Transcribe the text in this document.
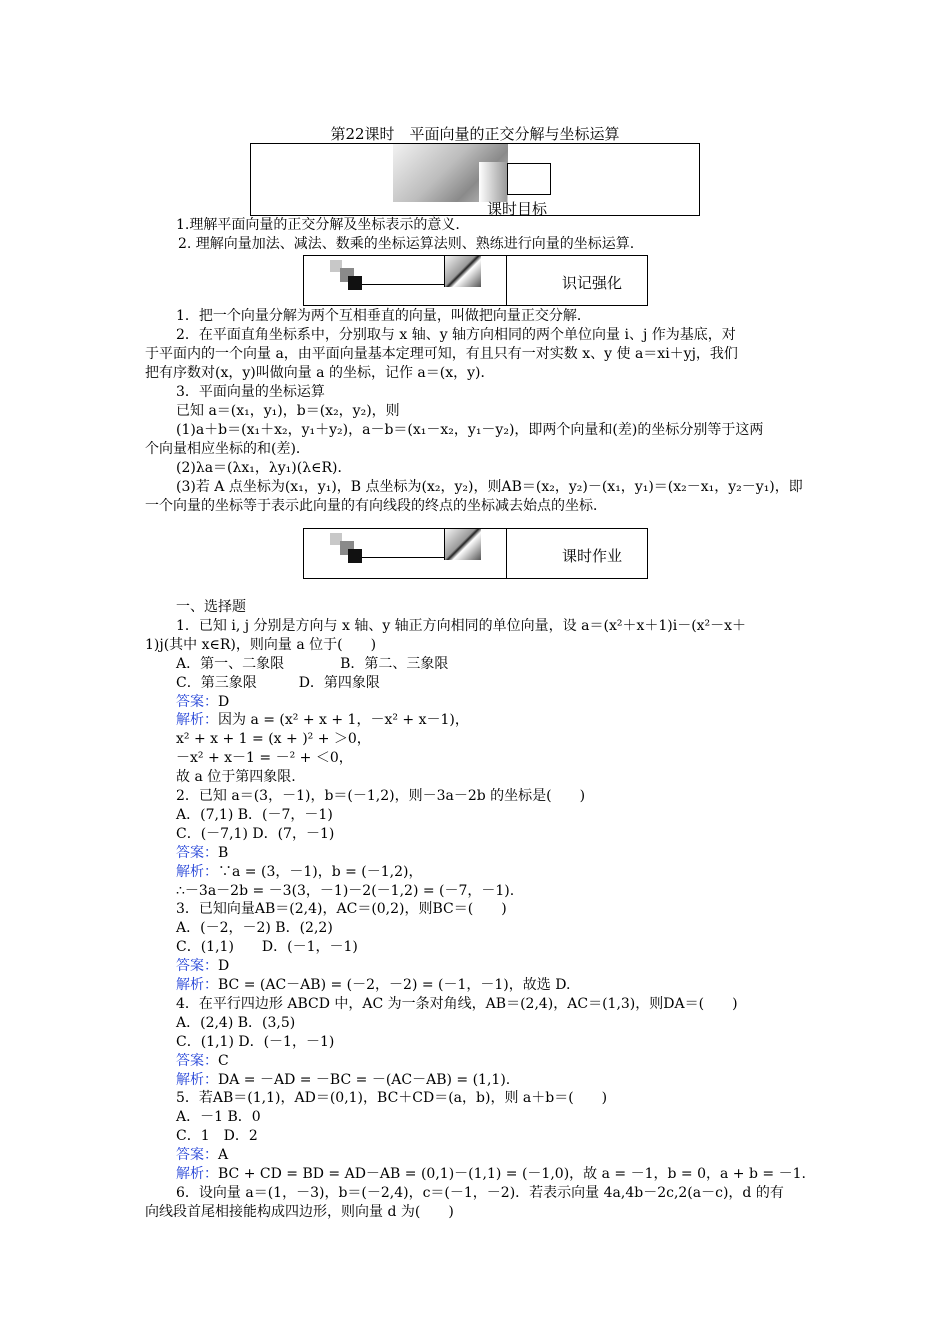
第22课时　平面向量的正交分解与坐标运算
课时目标
1.理解平面向量的正交分解及坐标表示的意义.
2. 理解向量加法、减法、数乘的坐标运算法则、熟练进行向量的坐标运算.
识记强化
1．把一个向量分解为两个互相垂直的向量，叫做把向量正交分解．
2．在平面直角坐标系中，分别取与 x 轴、y 轴方向相同的两个单位向量 i、j 作为基底，对
于平面内的一个向量 a，由平面向量基本定理可知，有且只有一对实数 x、y 使 a＝xi＋yj，我们
把有序数对(x，y)叫做向量 a 的坐标，记作 a＝(x，y)．
3．平面向量的坐标运算
已知 a＝(x₁，y₁)，b＝(x₂，y₂)，则
(1)a＋b＝(x₁＋x₂，y₁＋y₂)，a－b＝(x₁－x₂，y₁－y₂)，即两个向量和(差)的坐标分别等于这两
个向量相应坐标的和(差)．
(2)λa＝(λx₁，λy₁)(λ∈R)．
(3)若 A 点坐标为(x₁，y₁)，B 点坐标为(x₂，y₂)，则AB＝(x₂，y₂)－(x₁，y₁)＝(x₂－x₁，y₂－y₁)，即
一个向量的坐标等于表示此向量的有向线段的终点的坐标减去始点的坐标．
课时作业
一、选择题
1．已知 i, j 分别是方向与 x 轴、y 轴正方向相同的单位向量，设 a＝(x²＋x＋1)i－(x²－x＋
1)j(其中 x∈R)，则向量 a 位于(　　)
A．第一、二象限　　　　B．第二、三象限
C．第三象限　　　D．第四象限
答案：D
解析：因为 a = (x² + x + 1，－x² + x－1)，
x² + x + 1 = (x + )² + ＞0，
－x² + x－1 = －² + ＜0，
故 a 位于第四象限.
2．已知 a＝(3，－1)，b＝(－1,2)，则－3a－2b 的坐标是(　　)
A．(7,1) B．(－7，－1)
C．(－7,1) D．(7，－1)
答案：B
解析：∵a = (3，－1)，b = (－1,2)，
∴－3a－2b = －3(3，－1)－2(－1,2) = (－7，－1).
3．已知向量AB＝(2,4)，AC＝(0,2)，则BC＝(　　)
A．(－2，－2) B．(2,2)
C．(1,1)　　D．(－1，－1)
答案：D
解析：BC = (AC－AB) = (－2，－2) = (－1，－1)，故选 D.
4．在平行四边形 ABCD 中，AC 为一条对角线，AB＝(2,4)，AC＝(1,3)，则DA＝(　　)
A．(2,4) B．(3,5)
C．(1,1) D．(－1，－1)
答案：C
解析：DA = －AD = －BC = －(AC－AB) = (1,1).
5．若AB＝(1,1)，AD＝(0,1)，BC＋CD＝(a，b)，则 a＋b＝(　　)
A．－1 B．0
C．1　D．2
答案：A
解析：BC + CD = BD = AD－AB = (0,1)－(1,1) = (－1,0)，故 a = －1，b = 0，a + b = －1.
6．设向量 a＝(1，－3)，b＝(－2,4)，c＝(－1，－2)．若表示向量 4a,4b－2c,2(a－c)，d 的有
向线段首尾相接能构成四边形，则向量 d 为(　　)
